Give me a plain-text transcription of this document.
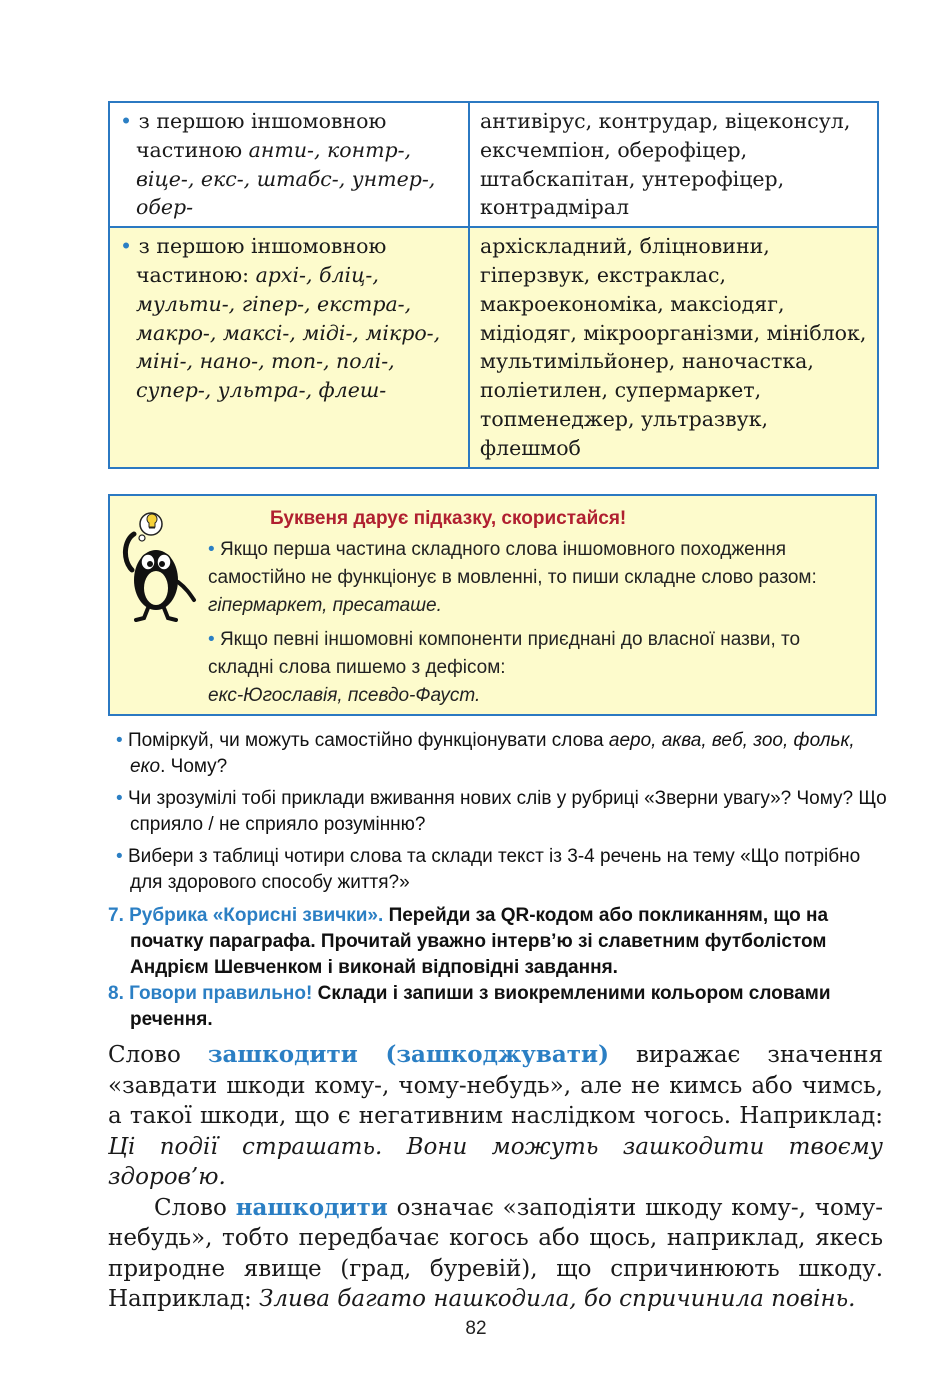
• з першою іншомовною частиною анти-, контр-, віце-, екс-, штабс-, унтер-, обер-	антивірус, контрудар, віцеконсул, ексчемпіон, оберофіцер, штабскапітан, унтерофіцер, контрадмірал

• з першою іншомовною частиною: архі-, бліц-, мульти-, гіпер-, екстра-, макро-, максі-, міді-, мікро-, міні-, нано-, топ-, полі-, супер-, ультра-, флеш-	архіскладний, бліцновини, гіперзвук, екстраклас, макроекономіка, максіодяг, мідіодяг, мікроорганізми, мініблок, мультимільйонер, наночастка, поліетилен, супермаркет, топменеджер, ультразвук, флешмоб
Буквеня дарує підказку, скористайся!
• Якщо перша частина складного слова іншомовного походження самостійно не функціонує в мовленні, то пиши складне слово разом: гіпермаркет, пресаташе.
• Якщо певні іншомовні компоненти приєднані до власної назви, то складні слова пишемо з дефісом:
екс-Югославія, псевдо-Фауст.
• Поміркуй, чи можуть самостійно функціонувати слова аеро, аква, веб, зоо, фольк, еко. Чому?
• Чи зрозумілі тобі приклади вживання нових слів у рубриці «Зверни увагу»? Чому? Що сприяло / не сприяло розумінню?
• Вибери з таблиці чотири слова та склади текст із 3-4 речень на тему «Що потрібно для здорового способу життя?»
7. Рубрика «Корисні звички». Перейди за QR-кодом або покликанням, що на початку параграфа. Прочитай уважно інтерв’ю зі славетним футболістом Андрієм Шевченком і виконай відповідні завдання.
8. Говори правильно! Склади і запиши з виокремленими кольором словами речення.

Слово зашкодити (зашкоджувати) виражає значення «завдати шкоди кому-, чому-небудь», але не кимсь або чимсь, а такої шкоди, що є негативним наслідком чогось. Наприклад: Ці події страшать. Вони можуть зашкодити твоєму здоров’ю.

Слово нашкодити означає «заподіяти шкоду кому-, чому-небудь», тобто передбачає когось або щось, наприклад, якесь природне явище (град, буревій), що спричинюють шкоду. Наприклад: Злива багато нашкодила, бо спричинила повінь.

82
